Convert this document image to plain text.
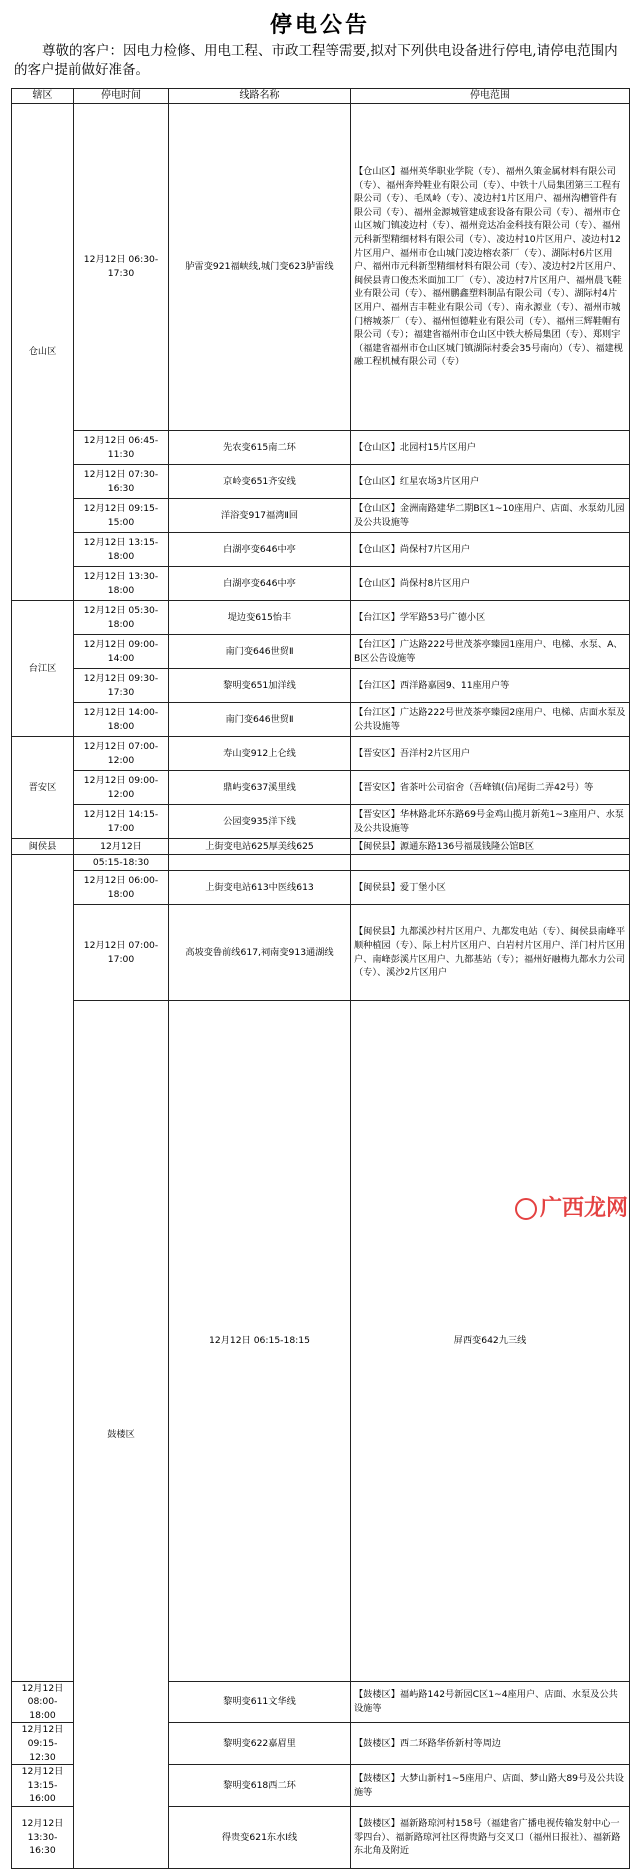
停电公告
尊敬的客户：因电力检修、用电工程、市政工程等需要,拟对下列供电设备进行停电,请停电范围内的客户提前做好准备。
辖区	停电时间	线路名称	停电范围	
仓山区	12月12日 06:30-17:30	胪雷变921福峡线,城门变623胪雷线	【仓山区】福州英华职业学院（专）、福州久策金属材料有限公司（专）、福州奔羚鞋业有限公司（专）、中铁十八局集团第三工程有限公司（专）、毛凤岭（专）、凌边村1片区用户、福州沟槽管件有限公司（专）、福州金源城管建成套设备有限公司（专）、福州市仓山区城门镇凌边村（专）、福州竞达冶金科技有限公司（专）、福州元科新型精细材料有限公司（专）、凌边村10片区用户、凌边村12片区用户、福州市仓山城门凌边榕农茶厂（专）、湖际村6片区用户、福州市元科新型精细材料有限公司（专）、凌边村2片区用户、闽侯县青口俊杰米面加工厂（专）、凌边村7片区用户、福州晨飞鞋业有限公司（专）、福州鹏鑫塑料制品有限公司（专）、湖际村4片区用户、福州吉丰鞋业有限公司（专）、南永源业（专）、福州市城门榕城茶厂（专）、福州恒德鞋业有限公司（专）、福州三辉鞋帽有限公司（专）；福建省福州市仓山区中铁大桥局集团（专）、郑则宇（福建省福州市仓山区城门镇湖际村委会35号南向）（专）、福建枧融工程机械有限公司（专）	
	12月12日 06:45-11:30	先农变615南二环	【仓山区】北园村15片区用户	
	12月12日 07:30-16:30	京岭变651齐安线	【仓山区】红星农场3片区用户	
	12月12日 09:15-15:00	洋浴变917福湾Ⅱ回	【仓山区】金洲南路建华二期B区1~10座用户、店面、水泵幼儿园及公共设施等	
	12月12日 13:15-18:00	白湖亭变646中亭	【仓山区】尚保村7片区用户	
	12月12日 13:30-18:00	白湖亭变646中亭	【仓山区】尚保村8片区用户	
台江区	12月12日 05:30-18:00	堤边变615怡丰	【台江区】学军路53号广德小区	
	12月12日 09:00-14:00	南门变646世贸Ⅱ	【台江区】广达路222号世茂茶亭臻园1座用户、电梯、水泵、A、B区公告设施等	
	12月12日 09:30-17:30	黎明变651加洋线	【台江区】西洋路嘉园9、11座用户等	
	12月12日 14:00-18:00	南门变646世贸Ⅱ	【台江区】广达路222号世茂茶亭臻园2座用户、电梯、店面水泵及公共设施等	
晋安区	12月12日 07:00-12:00	寿山变912上仑线	【晋安区】吾洋村2片区用户	
	12月12日 09:00-12:00	鼎屿变637溪里线	【晋安区】省茶叶公司宿舍（吾峰镇(信)尾街二弄42号）等	
	12月12日 14:15-17:00	公园变935洋下线	【晋安区】华林路北环东路69号金鸡山揽月新苑1~3座用户、水泵及公共设施等	
闽侯县	12月12日	上街变电站625厚美线625	【闽侯县】源通东路136号福晟钱隆公馆B区	
	05:15-18:30			
	12月12日 06:00-18:00	上街变电站613中医线613	【闽侯县】爱丁堡小区	
	12月12日 07:00-17:00	高坡变鲁前线617,祠南变913通湖线	【闽侯县】九都溪沙村片区用户、九都发电站（专）、闽侯县南峰平顺种植园（专）、际上村片区用户、白岩村片区用户、洋门村片区用户、南峰彭溪片区用户、九都基站（专）；福州好融梅九都水力公司（专）、溪沙2片区用户	
	鼓楼区	12月12日 06:15-18:15	屏西变642九三线	
12月12日 08:00-18:00		黎明变611文华线	【鼓楼区】福屿路142号新园C区1~4座用户、店面、水泵及公共设施等	
12月12日 09:15-12:30		黎明变622嘉眉里	【鼓楼区】西二环路华侨新村等周边	
12月12日 13:15-16:00		黎明变618西二环	【鼓楼区】大梦山新村1~5座用户、店面、梦山路大89号及公共设施等	
12月12日 13:30-16:30		得贵变621东水Ⅰ线	【鼓楼区】福新路琼河村158号（福建省广播电视传输发射中心一零四台）、福新路琼河社区得贵路与交叉口（福州日报社）、福新路东北角及附近	
广西龙网
